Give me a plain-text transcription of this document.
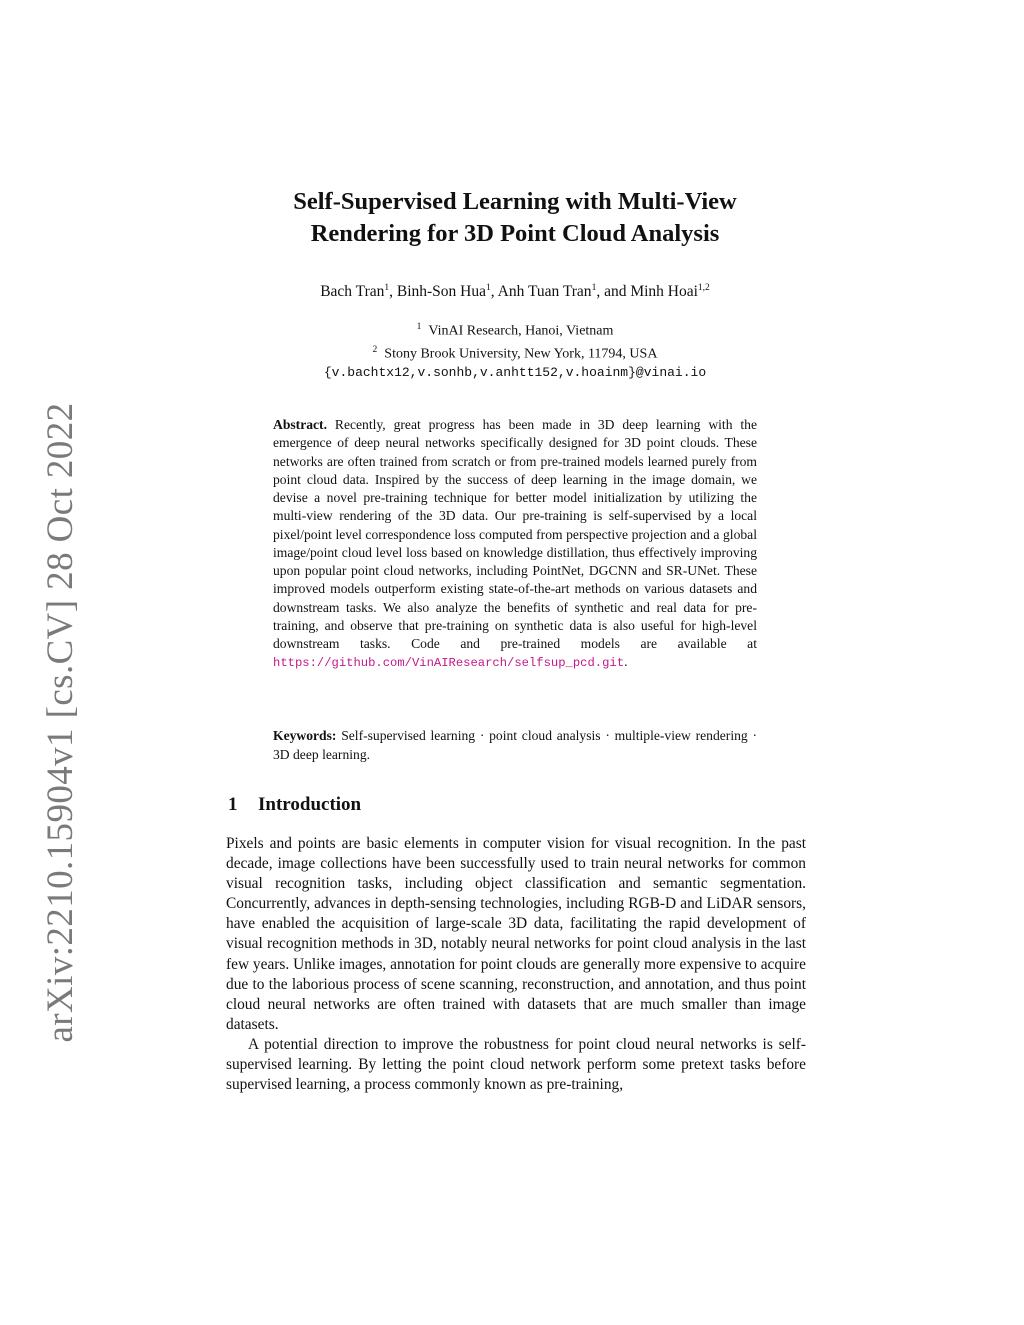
arXiv:2210.15904v1 [cs.CV] 28 Oct 2022
Self-Supervised Learning with Multi-View
Rendering for 3D Point Cloud Analysis
Bach Tran$^1$, Binh-Son Hua$^1$, Anh Tuan Tran$^1$, and Minh Hoai$^{1,2}$
$^1$ VinAI Research, Hanoi, Vietnam
$^2$ Stony Brook University, New York, 11794, USA
{v.bachtx12,v.sonhb,v.anhtt152,v.hoainm}@vinai.io
Abstract. Recently, great progress has been made in 3D deep learning with the emergence of deep neural networks specifically designed for 3D point clouds. These networks are often trained from scratch or from pre-trained models learned purely from point cloud data. Inspired by the success of deep learning in the image domain, we devise a novel pre-training technique for better model initialization by utilizing the multi-view rendering of the 3D data. Our pre-training is self-supervised by a local pixel/point level correspondence loss computed from perspective projection and a global image/point cloud level loss based on knowledge distillation, thus effectively improving upon popular point cloud networks, including PointNet, DGCNN and SR-UNet. These improved models outperform existing state-of-the-art methods on various datasets and downstream tasks. We also analyze the benefits of synthetic and real data for pre-training, and observe that pre-training on synthetic data is also useful for high-level downstream tasks. Code and pre-trained models are available at https://github.com/VinAIResearch/selfsup_pcd.git.
Keywords: Self-supervised learning · point cloud analysis · multiple-view rendering · 3D deep learning.
1 Introduction

Pixels and points are basic elements in computer vision for visual recognition. In the past decade, image collections have been successfully used to train neural networks for common visual recognition tasks, including object classification and semantic segmentation. Concurrently, advances in depth-sensing technologies, including RGB-D and LiDAR sensors, have enabled the acquisition of large-scale 3D data, facilitating the rapid development of visual recognition methods in 3D, notably neural networks for point cloud analysis in the last few years. Unlike images, annotation for point clouds are generally more expensive to acquire due to the laborious process of scene scanning, reconstruction, and annotation, and thus point cloud neural networks are often trained with datasets that are much smaller than image datasets.

A potential direction to improve the robustness for point cloud neural networks is self-supervised learning. By letting the point cloud network perform some pretext tasks before supervised learning, a process commonly known as pre-training,
